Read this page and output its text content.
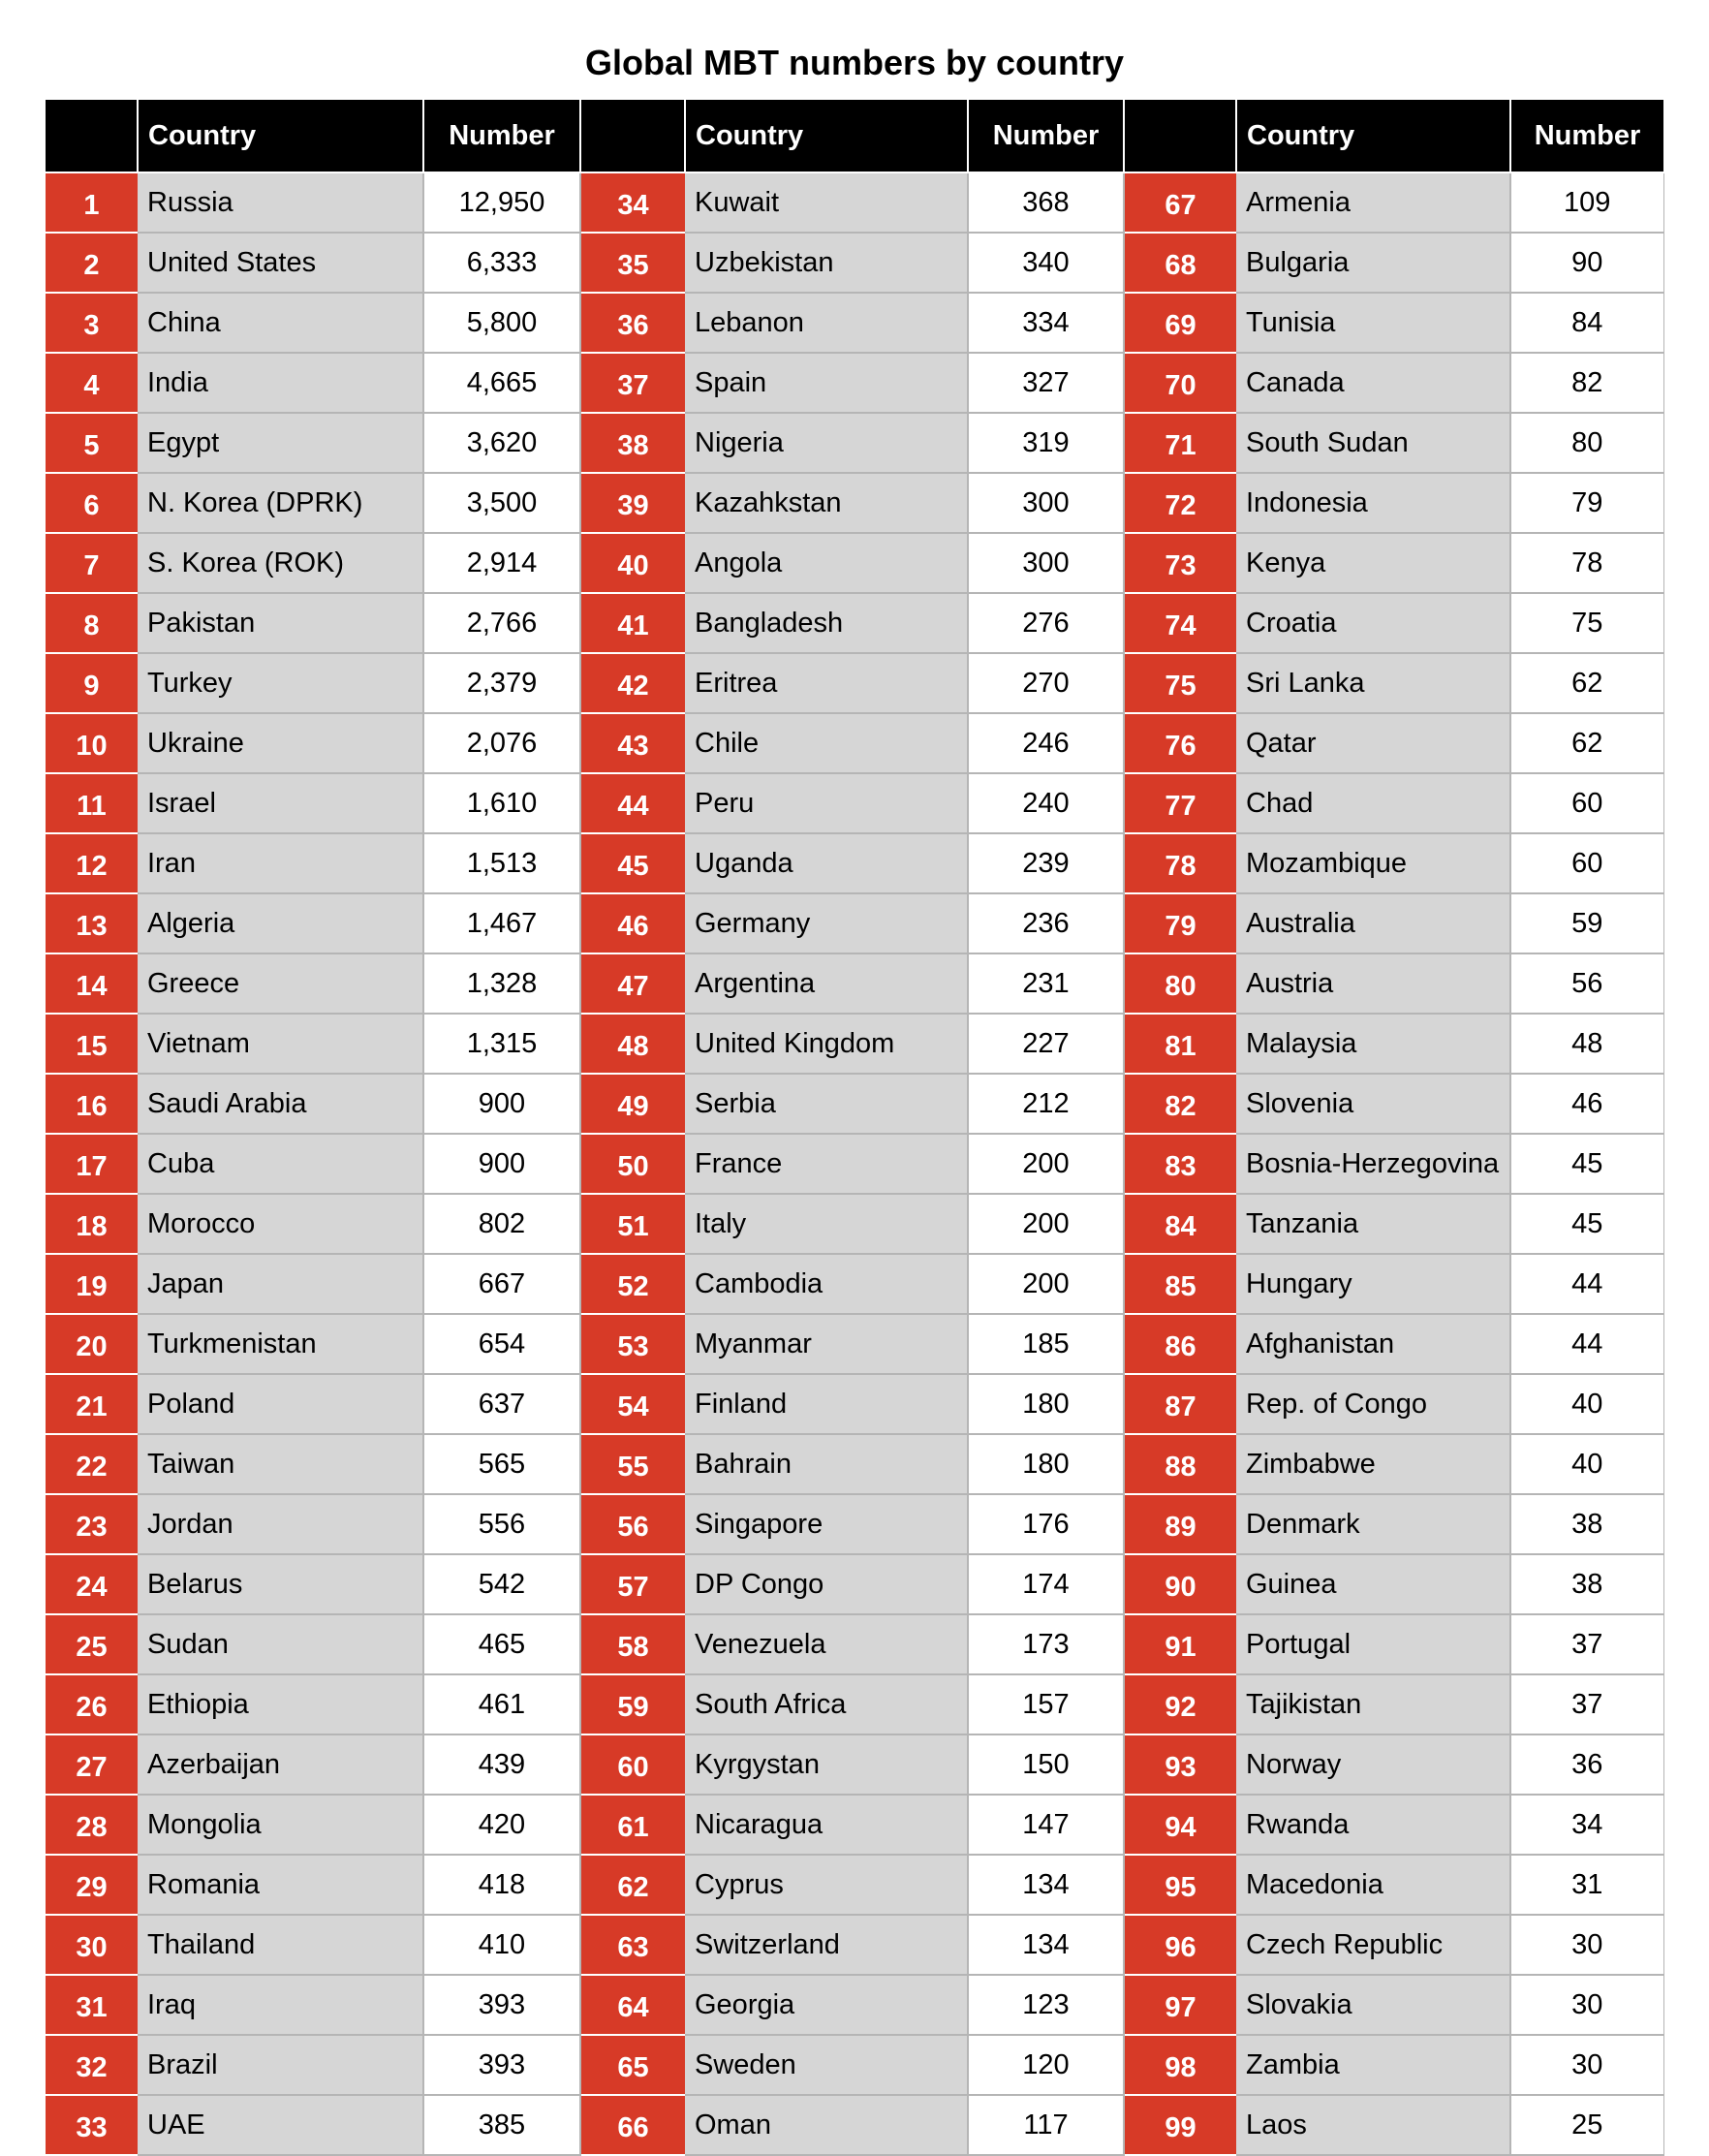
Global MBT numbers by country
	Country	Number		Country	Number		Country	Number
1	Russia	12,950	34	Kuwait	368	67	Armenia	109
2	United States	6,333	35	Uzbekistan	340	68	Bulgaria	90
3	China	5,800	36	Lebanon	334	69	Tunisia	84
4	India	4,665	37	Spain	327	70	Canada	82
5	Egypt	3,620	38	Nigeria	319	71	South Sudan	80
6	N. Korea (DPRK)	3,500	39	Kazahkstan	300	72	Indonesia	79
7	S. Korea (ROK)	2,914	40	Angola	300	73	Kenya	78
8	Pakistan	2,766	41	Bangladesh	276	74	Croatia	75
9	Turkey	2,379	42	Eritrea	270	75	Sri Lanka	62
10	Ukraine	2,076	43	Chile	246	76	Qatar	62
11	Israel	1,610	44	Peru	240	77	Chad	60
12	Iran	1,513	45	Uganda	239	78	Mozambique	60
13	Algeria	1,467	46	Germany	236	79	Australia	59
14	Greece	1,328	47	Argentina	231	80	Austria	56
15	Vietnam	1,315	48	United Kingdom	227	81	Malaysia	48
16	Saudi Arabia	900	49	Serbia	212	82	Slovenia	46
17	Cuba	900	50	France	200	83	Bosnia-Herzegovina	45
18	Morocco	802	51	Italy	200	84	Tanzania	45
19	Japan	667	52	Cambodia	200	85	Hungary	44
20	Turkmenistan	654	53	Myanmar	185	86	Afghanistan	44
21	Poland	637	54	Finland	180	87	Rep. of Congo	40
22	Taiwan	565	55	Bahrain	180	88	Zimbabwe	40
23	Jordan	556	56	Singapore	176	89	Denmark	38
24	Belarus	542	57	DP Congo	174	90	Guinea	38
25	Sudan	465	58	Venezuela	173	91	Portugal	37
26	Ethiopia	461	59	South Africa	157	92	Tajikistan	37
27	Azerbaijan	439	60	Kyrgystan	150	93	Norway	36
28	Mongolia	420	61	Nicaragua	147	94	Rwanda	34
29	Romania	418	62	Cyprus	134	95	Macedonia	31
30	Thailand	410	63	Switzerland	134	96	Czech Republic	30
31	Iraq	393	64	Georgia	123	97	Slovakia	30
32	Brazil	393	65	Sweden	120	98	Zambia	30
33	UAE	385	66	Oman	117	99	Laos	25
